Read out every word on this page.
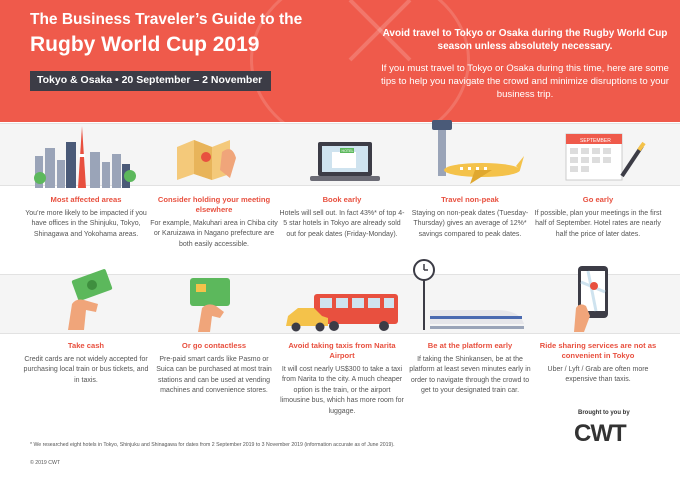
The Business Traveler’s Guide to the
Rugby World Cup 2019
Tokyo & Osaka • 20 September – 2 November
Avoid travel to Tokyo or Osaka during the Rugby World Cup season unless absolutely necessary.
If you must travel to Tokyo or Osaka during this time, here are some tips to help you navigate the crowd and minimize disruptions to your business trip.
HOTEL
SEPTEMBER
Most affected areas
You’re more likely to be impacted if you have offices in the Shinjuku, Tokyo, Shinagawa and Yokohama areas.
Consider holding your meeting elsewhere
For example, Makuhari area in Chiba city or Karuizawa in Nagano prefecture are both easily accessible.
Book early
Hotels will sell out. In fact 43%* of top 4-5 star hotels in Tokyo are already sold out for peak dates (Friday-Monday).
Travel non-peak
Staying on non-peak dates (Tuesday-Thursday) gives an average of 12%* savings compared to peak dates.
Go early
If possible, plan your meetings in the first half of September. Hotel rates are nearly half the price of later dates.
Take cash
Credit cards are not widely accepted for purchasing local train or bus tickets, and in taxis.
Or go contactless
Pre-paid smart cards like Pasmo or Suica can be purchased at most train stations and can be used at vending machines and convenience stores.
Avoid taking taxis from Narita Airport
It will cost nearly US$300 to take a taxi from Narita to the city. A much cheaper option is the train, or the airport limousine bus, which has more room for luggage.
Be at the platform early
If taking the Shinkansen, be at the platform at least seven minutes early in order to navigate through the crowd to get to your designated train car.
Ride sharing services are not as convenient in Tokyo
Uber / Lyft / Grab are often more expensive than taxis.
Brought to you by
CWT
* We researched eight hotels in Tokyo, Shinjuku and Shinagawa for dates from 2 September 2019 to 3 November 2019 (information accurate as of June 2019).
© 2019 CWT
